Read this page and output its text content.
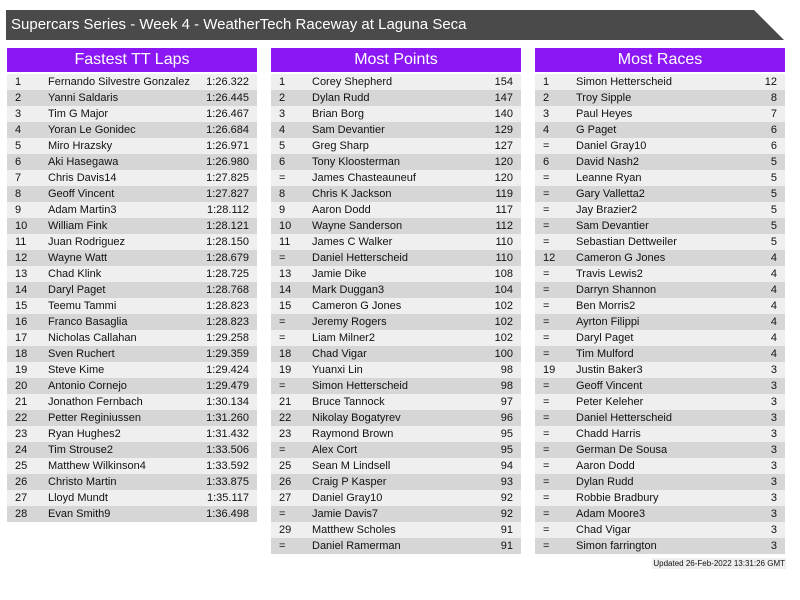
Supercars Series - Week 4 - WeatherTech Raceway at Laguna Seca
Fastest TT Laps
1 Fernando Silvestre Gonzalez 1:26.322
2 Yanni Saldaris	1:26.445
3 Tim G Major	1:26.467
4 Yoran Le Gonidec	1:26.684
5 Miro Hrazsky	1:26.971
6 Aki Hasegawa	1:26.980
7 Chris Davis14	1:27.825
8 Geoff Vincent	1:27.827
9 Adam Martin3	1:28.112
10 William Fink	1:28.121
11 Juan Rodriguez	1:28.150
12 Wayne Watt	1:28.679
13 Chad Klink	1:28.725
14 Daryl Paget	1:28.768
15 Teemu Tammi	1:28.823
16 Franco Basaglia	1:28.823
17 Nicholas Callahan	1:29.258
18 Sven Ruchert	1:29.359
19 Steve Kime	1:29.424
20 Antonio Cornejo	1:29.479
21 Jonathon Fernbach	1:30.134
22 Petter Reginiussen	1:31.260
23 Ryan Hughes2	1:31.432
24 Tim Strouse2	1:33.506
25 Matthew Wilkinson4	1:33.592
26 Christo Martin	1:33.875
27 Lloyd Mundt	1:35.117
28 Evan Smith9	1:36.498
Most Points
1 Corey Shepherd	154
2 Dylan Rudd	147
3 Brian Borg	140
4 Sam Devantier	129
5 Greg Sharp	127
6 Tony Kloosterman	120
= James Chasteauneuf	120
8 Chris K Jackson	119
9 Aaron Dodd	117
10 Wayne Sanderson	112
11 James C Walker	110
= Daniel Hetterscheid	110
13 Jamie Dike	108
14 Mark Duggan3	104
15 Cameron G Jones	102
= Jeremy Rogers	102
= Liam Milner2	102
18 Chad Vigar	100
19 Yuanxi Lin	98
= Simon Hetterscheid	98
21 Bruce Tannock	97
22 Nikolay Bogatyrev	96
23 Raymond Brown	95
= Alex Cort	95
25 Sean M Lindsell	94
26 Craig P Kasper	93
27 Daniel Gray10	92
= Jamie Davis7	92
29 Matthew Scholes	91
= Daniel Ramerman	91
Most Races
1 Simon Hetterscheid	12
2 Troy Sipple	8
3 Paul Heyes	7
4 G Paget	6
= Daniel Gray10	6
6 David Nash2	5
= Leanne Ryan	5
= Gary Valletta2	5
= Jay Brazier2	5
= Sam Devantier	5
= Sebastian Dettweiler	5
12 Cameron G Jones	4
= Travis Lewis2	4
= Darryn Shannon	4
= Ben Morris2	4
= Ayrton Filippi	4
= Daryl Paget	4
= Tim Mulford	4
19 Justin Baker3	3
= Geoff Vincent	3
= Peter Keleher	3
= Daniel Hetterscheid	3
= Chadd Harris	3
= German De Sousa	3
= Aaron Dodd	3
= Dylan Rudd	3
= Robbie Bradbury	3
= Adam Moore3	3
= Chad Vigar	3
= Simon farrington	3
Updated 26-Feb-2022 13:31:26 GMT
